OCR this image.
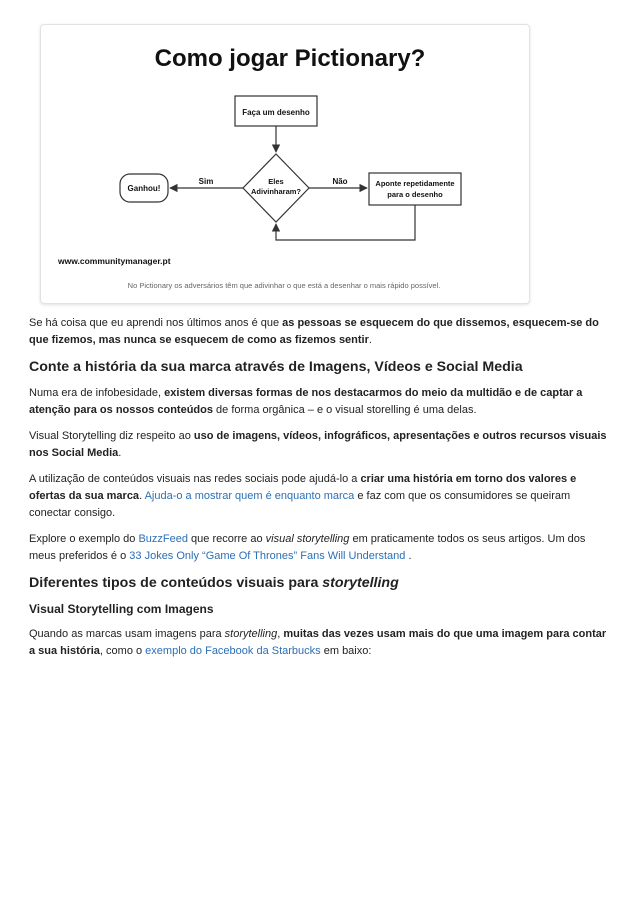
Como jogar Pictionary?
Faça um desenho
Eles
Adivinharam?
Sim
Ganhou!
Não	Aponte repetidamente
para o desenho
www.communitymanager.pt
No Pictionary os adversários têm que adivinhar o que está a desenhar o mais rápido possível.

Se há coisa que eu aprendi nos últimos anos é que as pessoas se esquecem do que dissemos, esquecem-se do que fizemos, mas nunca se esquecem de como as fizemos sentir.

Conte a história da sua marca através de Imagens, Vídeos e Social Media

Numa era de infobesidade, existem diversas formas de nos destacarmos do meio da multidão e de captar a atenção para os nossos conteúdos de forma orgânica – e o visual storelling é uma delas.

Visual Storytelling diz respeito ao uso de imagens, vídeos, infográficos, apresentações e outros recursos visuais nos Social Media.

A utilização de conteúdos visuais nas redes sociais pode ajudá-lo a criar uma história em torno dos valores e ofertas da sua marca. Ajuda-o a mostrar quem é enquanto marca e faz com que os consumidores se queiram conectar consigo.

Explore o exemplo do BuzzFeed que recorre ao visual storytelling em praticamente todos os seus artigos. Um dos meus preferidos é o 33 Jokes Only “Game Of Thrones” Fans Will Understand .

Diferentes tipos de conteúdos visuais para storytelling
Visual Storytelling com Imagens

Quando as marcas usam imagens para storytelling, muitas das vezes usam mais do que uma imagem para contar a sua história, como o exemplo do Facebook da Starbucks em baixo:
